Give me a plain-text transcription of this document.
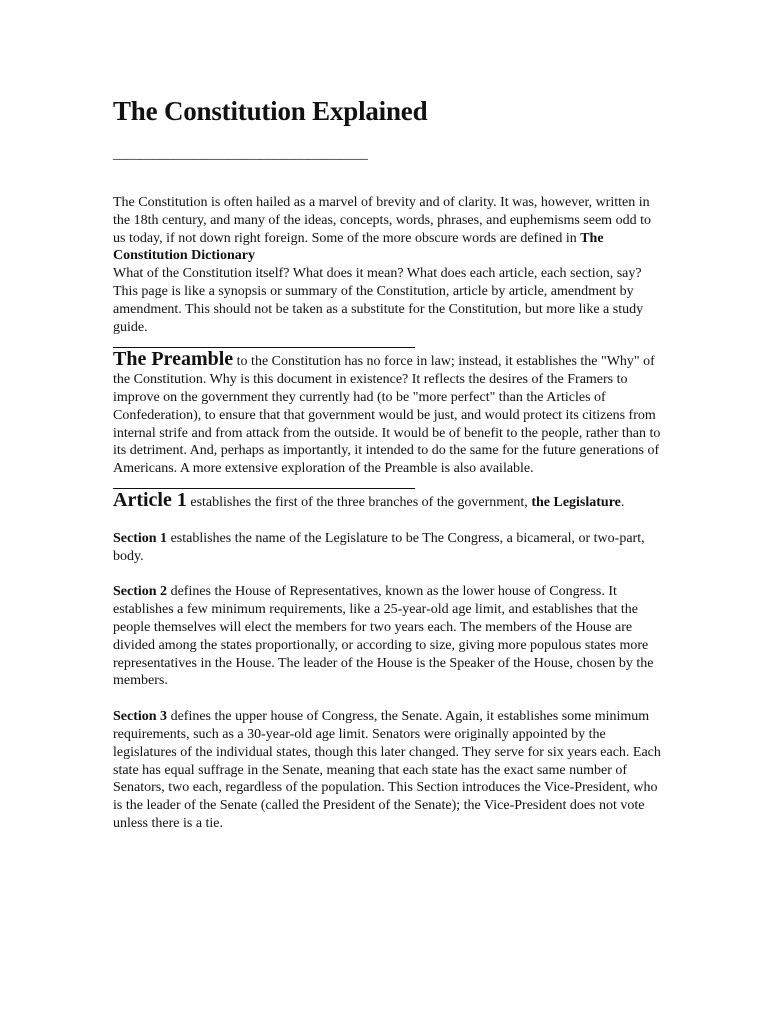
The Constitution Explained
______________________________________

The Constitution is often hailed as a marvel of brevity and of clarity. It was, however, written in the 18th century, and many of the ideas, concepts, words, phrases, and euphemisms seem odd to us today, if not down right foreign. Some of the more obscure words are defined in The Constitution Dictionary

What of the Constitution itself? What does it mean? What does each article, each section, say?

This page is like a synopsis or summary of the Constitution, article by article, amendment by amendment. This should not be taken as a substitute for the Constitution, but more like a study guide.

The Preamble to the Constitution has no force in law; instead, it establishes the "Why" of the Constitution. Why is this document in existence? It reflects the desires of the Framers to improve on the government they currently had (to be "more perfect" than the Articles of Confederation), to ensure that that government would be just, and would protect its citizens from internal strife and from attack from the outside. It would be of benefit to the people, rather than to its detriment. And, perhaps as importantly, it intended to do the same for the future generations of Americans. A more extensive exploration of the Preamble is also available.

Article 1 establishes the first of the three branches of the government, the Legislature.

Section 1 establishes the name of the Legislature to be The Congress, a bicameral, or two-part, body.

Section 2 defines the House of Representatives, known as the lower house of Congress. It establishes a few minimum requirements, like a 25-year-old age limit, and establishes that the people themselves will elect the members for two years each. The members of the House are divided among the states proportionally, or according to size, giving more populous states more representatives in the House. The leader of the House is the Speaker of the House, chosen by the members.

Section 3 defines the upper house of Congress, the Senate. Again, it establishes some minimum requirements, such as a 30-year-old age limit. Senators were originally appointed by the legislatures of the individual states, though this later changed. They serve for six years each. Each state has equal suffrage in the Senate, meaning that each state has the exact same number of Senators, two each, regardless of the population. This Section introduces the Vice-President, who is the leader of the Senate (called the President of the Senate); the Vice-President does not vote unless there is a tie.
